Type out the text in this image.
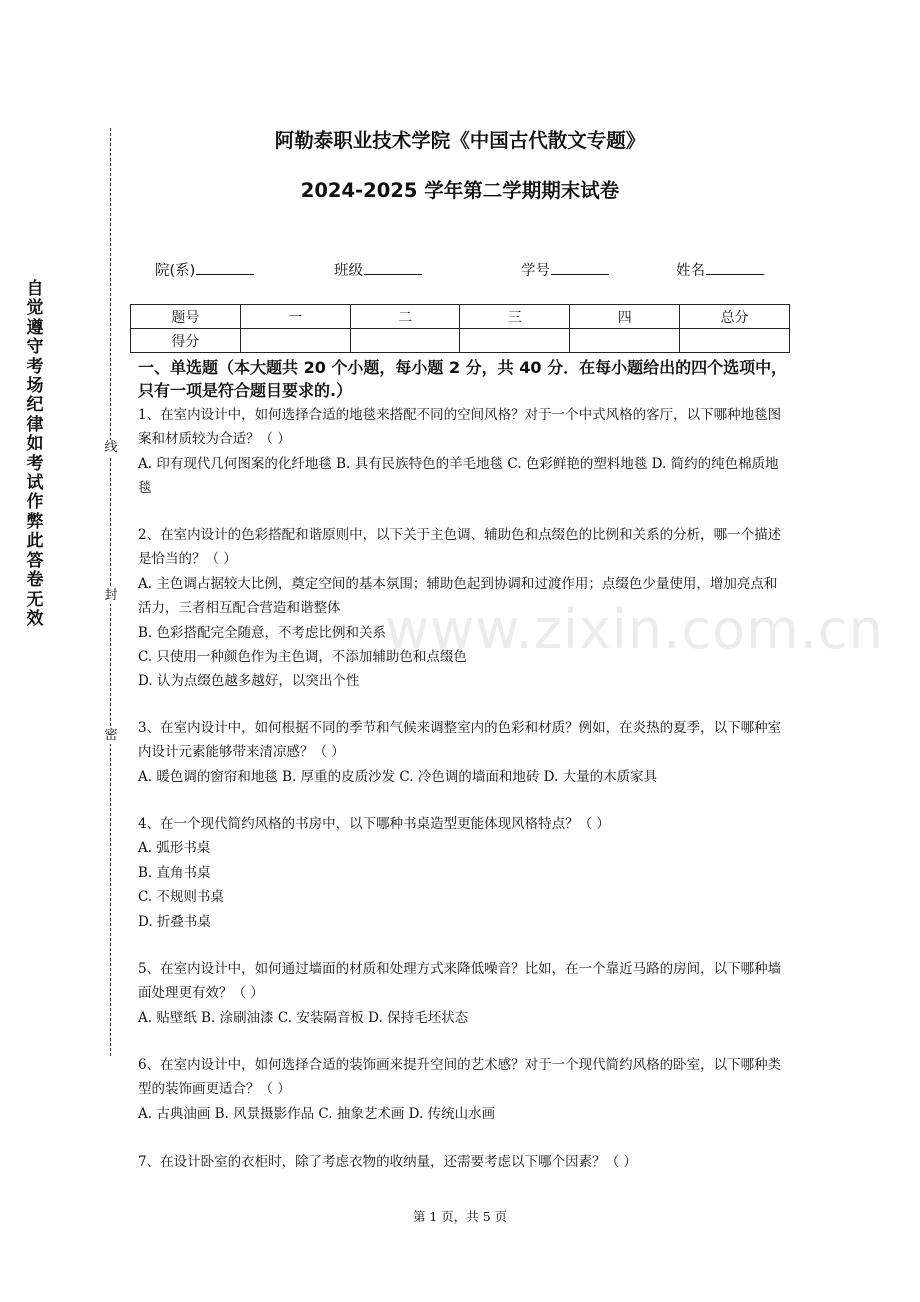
自觉遵守考场纪律如考试作弊此答卷无效
线
封
密
阿勒泰职业技术学院《中国古代散文专题》
2024-2025 学年第二学期期末试卷
院(系)	班级	学号	姓名
题号	一	二	三	四	总分
得分					
一、单选题（本大题共 20 个小题，每小题 2 分，共 40 分．在每小题给出的四个选项中，只有一项是符合题目要求的.）

1、在室内设计中，如何选择合适的地毯来搭配不同的空间风格？对于一个中式风格的客厅，以下哪种地毯图案和材质较为合适？（ ）

A. 印有现代几何图案的化纤地毯 B. 具有民族特色的羊毛地毯 C. 色彩鲜艳的塑料地毯 D. 简约的纯色棉质地毯

2、在室内设计的色彩搭配和谐原则中，以下关于主色调、辅助色和点缀色的比例和关系的分析，哪一个描述是恰当的？（ ）

A. 主色调占据较大比例，奠定空间的基本氛围；辅助色起到协调和过渡作用；点缀色少量使用，增加亮点和活力，三者相互配合营造和谐整体

B. 色彩搭配完全随意，不考虑比例和关系

C. 只使用一种颜色作为主色调，不添加辅助色和点缀色

D. 认为点缀色越多越好，以突出个性

3、在室内设计中，如何根据不同的季节和气候来调整室内的色彩和材质？例如，在炎热的夏季，以下哪种室内设计元素能够带来清凉感？（ ）

A. 暖色调的窗帘和地毯 B. 厚重的皮质沙发 C. 冷色调的墙面和地砖 D. 大量的木质家具

4、在一个现代简约风格的书房中，以下哪种书桌造型更能体现风格特点？（ ）

A. 弧形书桌

B. 直角书桌

C. 不规则书桌

D. 折叠书桌

5、在室内设计中，如何通过墙面的材质和处理方式来降低噪音？比如，在一个靠近马路的房间，以下哪种墙面处理更有效？（ ）

A. 贴壁纸 B. 涂刷油漆 C. 安装隔音板 D. 保持毛坯状态

6、在室内设计中，如何选择合适的装饰画来提升空间的艺术感？对于一个现代简约风格的卧室，以下哪种类型的装饰画更适合？（ ）

A. 古典油画 B. 风景摄影作品 C. 抽象艺术画 D. 传统山水画

7、在设计卧室的衣柜时，除了考虑衣物的收纳量，还需要考虑以下哪个因素？（ ）

www.zixin.com.cn
第 1 页，共 5 页
